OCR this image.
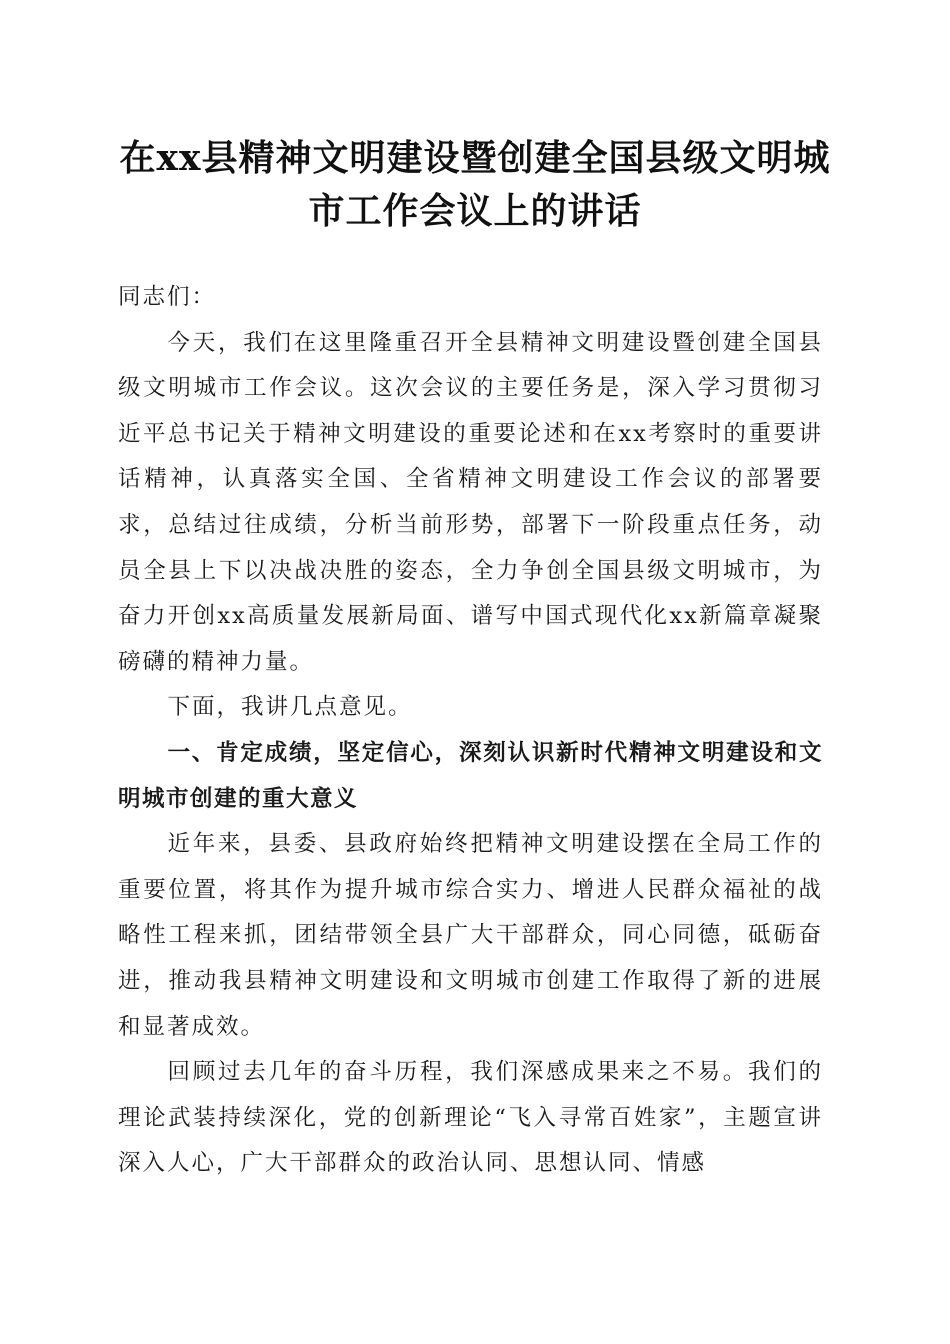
在xx县精神文明建设暨创建全国县级文明城
市工作会议上的讲话

同志们：

今天，我们在这里隆重召开全县精神文明建设暨创建全国县级文明城市工作会议。这次会议的主要任务是，深入学习贯彻习近平总书记关于精神文明建设的重要论述和在xx考察时的重要讲话精神，认真落实全国、全省精神文明建设工作会议的部署要求，总结过往成绩，分析当前形势，部署下一阶段重点任务，动员全县上下以决战决胜的姿态，全力争创全国县级文明城市，为奋力开创xx高质量发展新局面、谱写中国式现代化xx新篇章凝聚磅礴的精神力量。

下面，我讲几点意见。

一、肯定成绩，坚定信心，深刻认识新时代精神文明建设和文明城市创建的重大意义

近年来，县委、县政府始终把精神文明建设摆在全局工作的重要位置，将其作为提升城市综合实力、增进人民群众福祉的战略性工程来抓，团结带领全县广大干部群众，同心同德，砥砺奋进，推动我县精神文明建设和文明城市创建工作取得了新的进展和显著成效。

回顾过去几年的奋斗历程，我们深感成果来之不易。我们的理论武装持续深化，党的创新理论“飞入寻常百姓家”，主题宣讲深入人心，广大干部群众的政治认同、思想认同、情感
